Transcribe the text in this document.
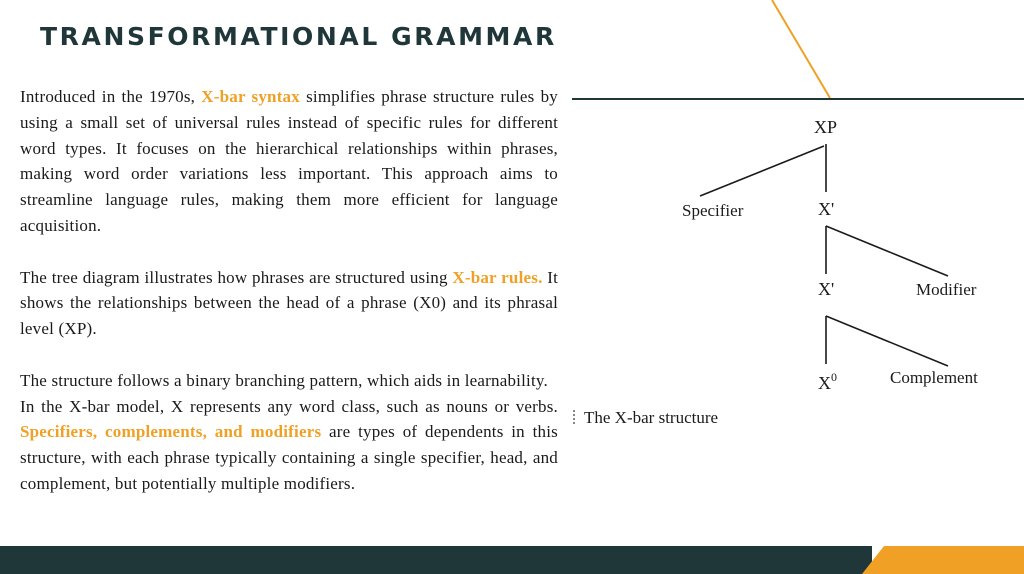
TRANSFORMATIONAL GRAMMAR

Introduced in the 1970s, X-bar syntax simplifies phrase structure rules by using a small set of universal rules instead of specific rules for different word types. It focuses on the hierarchical relationships within phrases, making word order variations less important. This approach aims to streamline language rules, making them more efficient for language acquisition.

The tree diagram illustrates how phrases are structured using X-bar rules. It shows the relationships between the head of a phrase (X0) and its phrasal level (XP).

The structure follows a binary branching pattern, which aids in learnability.

In the X-bar model, X represents any word class, such as nouns or verbs. Specifiers, complements, and modifiers are types of dependents in this structure, with each phrase typically containing a single specifier, head, and complement, but potentially multiple modifiers.

XP
Specifier	X'
X'	Modifier
$X^0$	Complement

The X-bar structure
